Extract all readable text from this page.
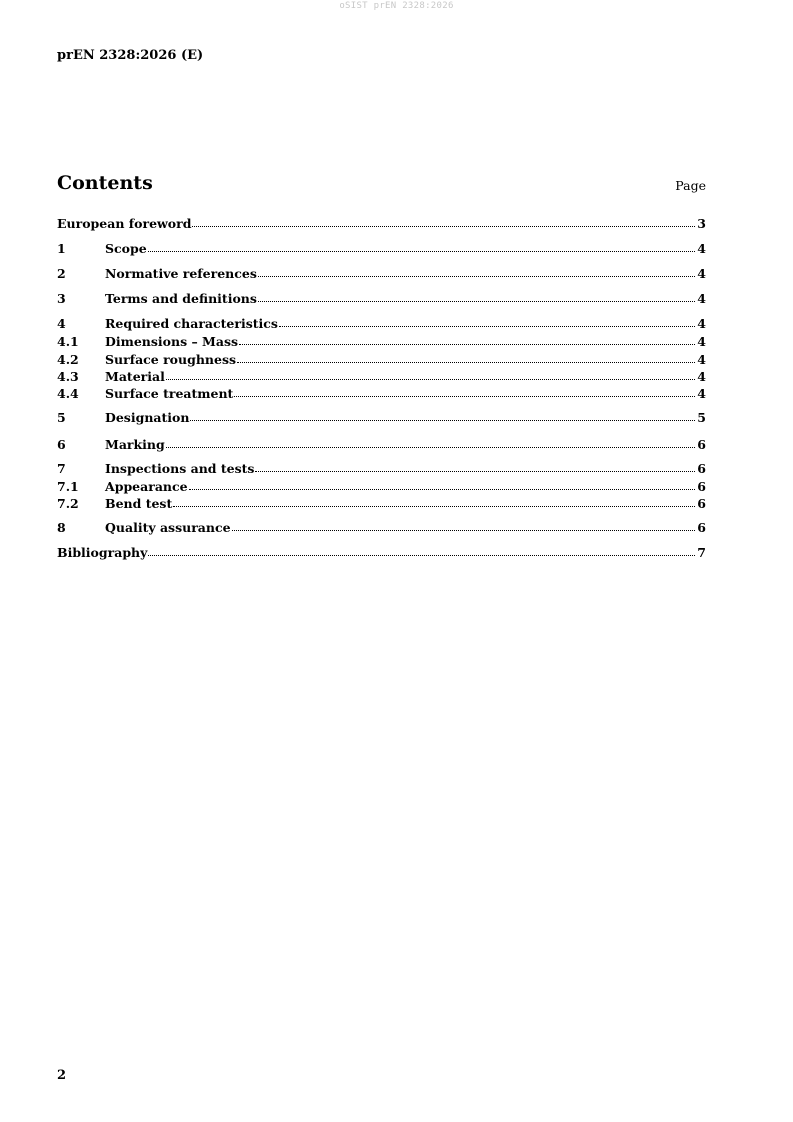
oSIST prEN 2328:2026
prEN 2328:2026 (E)
Contents	Page
European foreword	3
1	Scope	4
2	Normative references	4
3	Terms and definitions	4
4	Required characteristics	4
4.1	Dimensions – Mass	4
4.2	Surface roughness	4
4.3	Material	4
4.4	Surface treatment	4
5	Designation	5
6	Marking	6
7	Inspections and tests	6
7.1	Appearance	6
7.2	Bend test	6
8	Quality assurance	6
Bibliography	7
2
